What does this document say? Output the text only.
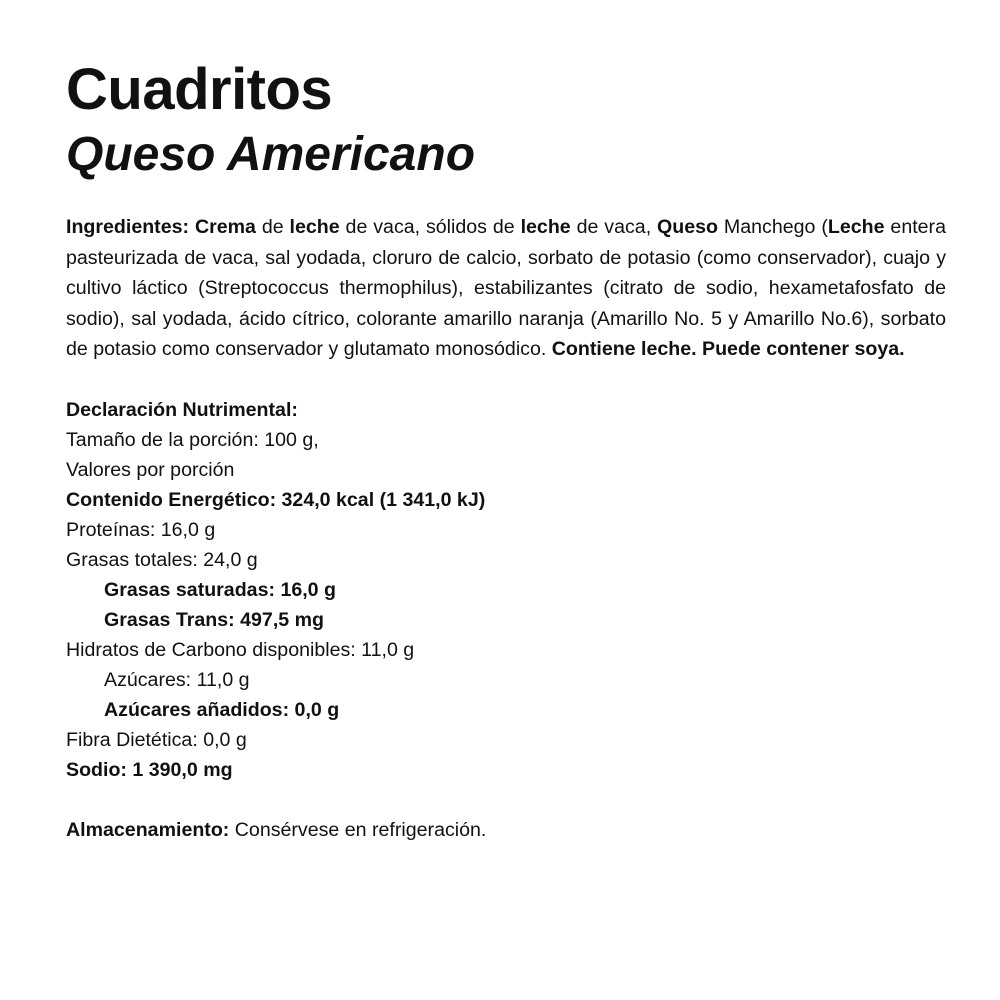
Cuadritos
Queso Americano
Ingredientes: Crema de leche de vaca, sólidos de leche de vaca, Queso Manchego (Leche entera pasteurizada de vaca, sal yodada, cloruro de calcio, sorbato de potasio (como conservador), cuajo y cultivo láctico (Streptococcus thermophilus), estabilizantes (citrato de sodio, hexametafosfato de sodio), sal yodada, ácido cítrico, colorante amarillo naranja (Amarillo No. 5 y Amarillo No.6), sorbato de potasio como conservador y glutamato monosódico. Contiene leche. Puede contener soya.
Declaración Nutrimental:
Tamaño de la porción: 100 g,
Valores por porción
Contenido Energético: 324,0 kcal (1 341,0 kJ)
Proteínas: 16,0 g
Grasas totales: 24,0 g
Grasas saturadas: 16,0 g
Grasas Trans: 497,5 mg
Hidratos de Carbono disponibles: 11,0 g
Azúcares: 11,0 g
Azúcares añadidos: 0,0 g
Fibra Dietética: 0,0 g
Sodio: 1 390,0 mg
Almacenamiento: Consérvese en refrigeración.
